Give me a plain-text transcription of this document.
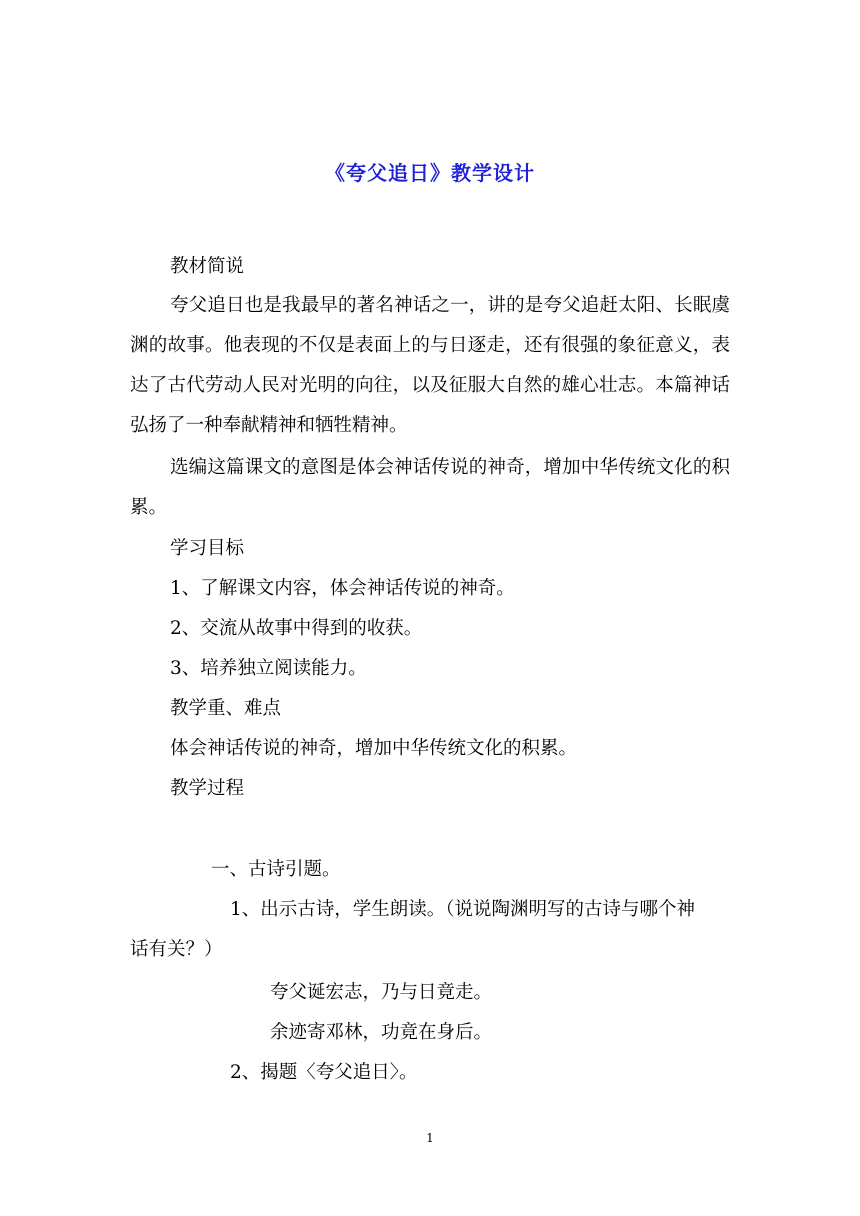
《夸父追日》教学设计
教材简说

夸父追日也是我最早的著名神话之一，讲的是夸父追赶太阳、长眠虞渊的故事。他表现的不仅是表面上的与日逐走，还有很强的象征意义，表达了古代劳动人民对光明的向往，以及征服大自然的雄心壮志。本篇神话弘扬了一种奉献精神和牺牲精神。

选编这篇课文的意图是体会神话传说的神奇，增加中华传统文化的积累。

学习目标
1、了解课文内容，体会神话传说的神奇。
2、交流从故事中得到的收获。
3、培养独立阅读能力。
教学重、难点
体会神话传说的神奇，增加中华传统文化的积累。
教学过程
一、古诗引题。
1、出示古诗，学生朗读。（说说陶渊明写的古诗与哪个神
话有关？）
夸父诞宏志，乃与日竟走。
余迹寄邓林，功竟在身后。
2、揭题〈夸父追日〉。
1
